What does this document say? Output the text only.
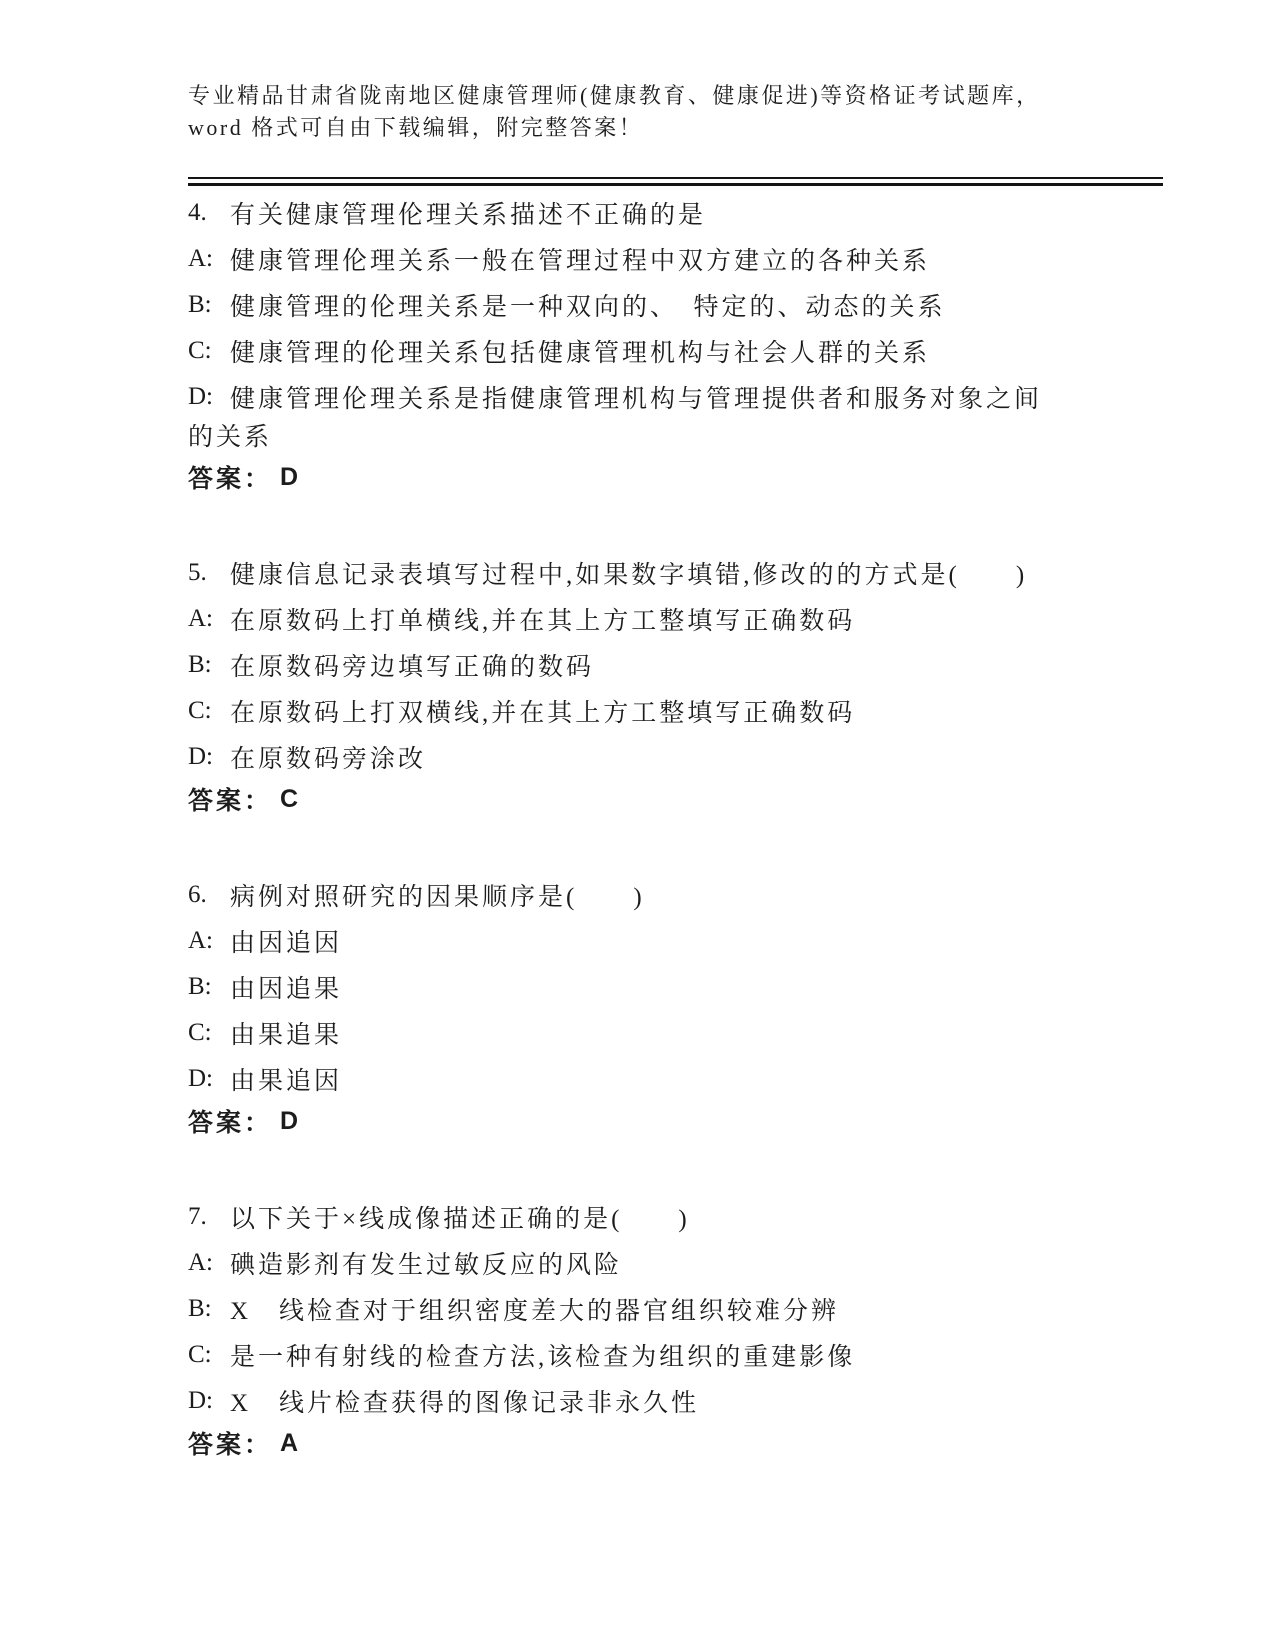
专业精品甘肃省陇南地区健康管理师(健康教育、健康促进)等资格证考试题库，
word 格式可自由下载编辑，附完整答案！
4. 有关健康管理伦理关系描述不正确的是
A: 健康管理伦理关系一般在管理过程中双方建立的各种关系
B: 健康管理的伦理关系是一种双向的、　特定的、动态的关系
C: 健康管理的伦理关系包括健康管理机构与社会人群的关系
D: 健康管理伦理关系是指健康管理机构与管理提供者和服务对象之间
的关系
答案： D
5. 健康信息记录表填写过程中,如果数字填错,修改的的方式是(　　)
A: 在原数码上打单横线,并在其上方工整填写正确数码
B: 在原数码旁边填写正确的数码
C: 在原数码上打双横线,并在其上方工整填写正确数码
D: 在原数码旁涂改
答案： C
6. 病例对照研究的因果顺序是(　　)
A: 由因追因
B: 由因追果
C: 由果追果
D: 由果追因
答案： D
7. 以下关于×线成像描述正确的是(　　)
A: 碘造影剂有发生过敏反应的风险
B: X　线检查对于组织密度差大的器官组织较难分辨
C: 是一种有射线的检查方法,该检查为组织的重建影像
D: X　线片检查获得的图像记录非永久性
答案： A
